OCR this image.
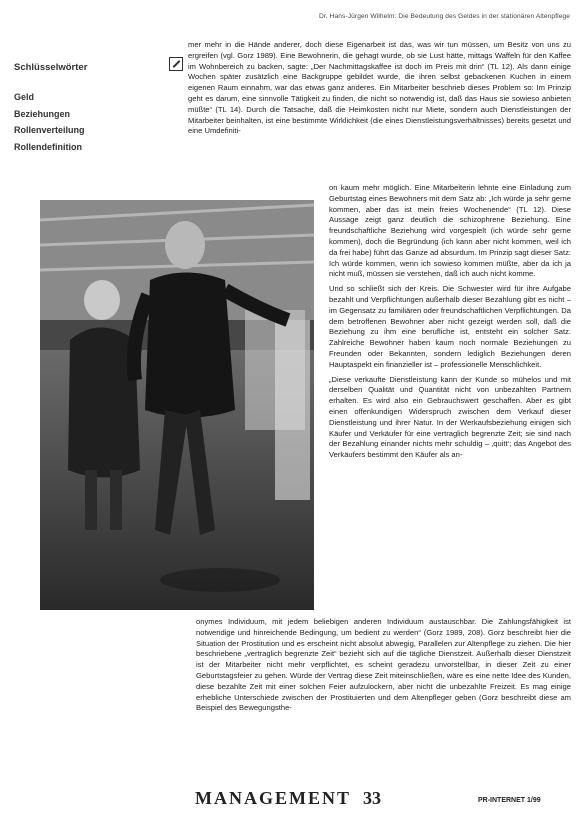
Dr. Hans-Jürgen Wilhelm: Die Bedeutung des Geldes in der stationären Altenpflege
Schlüsselwörter
Geld
Beziehungen
Rollenverteilung
Rollendefinition

mer mehr in die Hände anderer, doch diese Eigenarbeit ist das, was wir tun müssen, um Besitz von uns zu ergreifen (vgl. Gorz 1989). Eine Bewohnerin, die gehagt wurde, ob sie Lust hätte, mittags Waffeln für den Kaffee im Wohnbereich zu backen, sagte: „Der Nachmittagskaffee ist doch im Preis mit drin“ (TL 12). Als dann einige Wochen später zusätzlich eine Backgruppe gebildet wurde, die ihren selbst gebackenen Kuchen in einem eigenen Raum einnahm, war das etwas ganz anderes. Ein Mitarbeiter beschrieb dieses Problem so: Im Prinzip geht es darum, eine sinnvolle Tätigkeit zu finden, die nicht so notwendig ist, daß das Haus sie sowieso anbieten müßte“ (TL 14). Durch die Tatsache, daß die Heimkosten nicht nur Miete, sondern auch Dienstleistungen der Mitarbeiter beinhalten, ist eine bestimmte Wirklichkeit (die eines Dienstleistungsverhältnisses) bereits gesetzt und eine Umdefiniti-

on kaum mehr möglich. Eine Mitarbeiterin lehnte eine Einladung zum Geburtstag eines Bewohners mit dem Satz ab: „Ich würde ja sehr gerne kommen, aber das ist mein freies Wochenende“ (TL 12). Diese Aussage zeigt ganz deutlich die schizophrene Beziehung. Eine freundschaftliche Beziehung wird vorgespielt (ich würde sehr gerne kommen), doch die Begründung (ich kann aber nicht kommen, weil ich da frei habe) führt das Ganze ad absurdum. Im Prinzip sagt dieser Satz: Ich würde kommen, wenn ich sowieso kommen müßte, aber da ich ja nicht muß, müssen sie verstehen, daß ich auch nicht komme.

Und so schließt sich der Kreis. Die Schwester wird für ihre Aufgabe bezahlt und Verpflichtungen außerhalb dieser Bezahlung gibt es nicht – im Gegensatz zu familiären oder freundschaftlichen Verpflichtungen. Da dem betroffenen Bewohner aber nicht gezeigt werden soll, daß die Beziehung zu ihm eine berufliche ist, entsteht ein solcher Satz. Zahlreiche Bewohner haben kaum noch normale Beziehungen zu Freunden oder Bekannten, sondern lediglich Beziehungen deren Hauptaspekt ein finanzieller ist – professionelle Menschlichkeit.

„Diese verkaufte Dienstleistung kann der Kunde so mühelos und mit derselben Qualität und Quantität nicht von unbezahlten Partnern erhalten. Es wird also ein Gebrauchswert geschaffen. Aber es gibt einen offenkundigen Widerspruch zwischen dem Verkauf dieser Dienstleistung und ihrer Natur. In der Werkaufsbeziehung einigen sich Käufer und Verkäufer für eine vertraglich begrenzte Zeit; sie sind nach der Bezahlung einander nichts mehr schuldig – ‚quitt‘; das Angebot des Verkäufers bestimmt den Käufer als an-

onymes Individuum, mit jedem beliebigen anderen Individuum austauschbar. Die Zahlungsfähigkeit ist notwendige und hinreichende Bedingung, um bedient zu werden“ (Gorz 1989, 208). Gorz beschreibt hier die Situation der Prostitution und es erscheint nicht absolut abwegig, Parallelen zur Altenpflege zu ziehen. Die hier beschriebene „vertraglich begrenzte Zeit“ bezieht sich auf die tägliche Dienstzeit. Außerhalb dieser Dienstzeit ist der Mitarbeiter nicht mehr verpflichtet, es scheint geradezu unvorstellbar, in dieser Zeit zu einer Geburtstagsfeier zu gehen. Würde der Vertrag diese Zeit miteinschließen, wäre es eine nette Idee des Kunden, diese bezahlte Zeit mit einer solchen Feier aufzulockern, aber nicht die unbezahlte Freizeit. Es mag einige erhebliche Unterschiede zwischen der Prostituierten und dem Altenpfleger geben (Gorz beschreibt diese am Beispiel des Bewegungsthe-

MANAGEMENT 33	PR-INTERNET 1/99
